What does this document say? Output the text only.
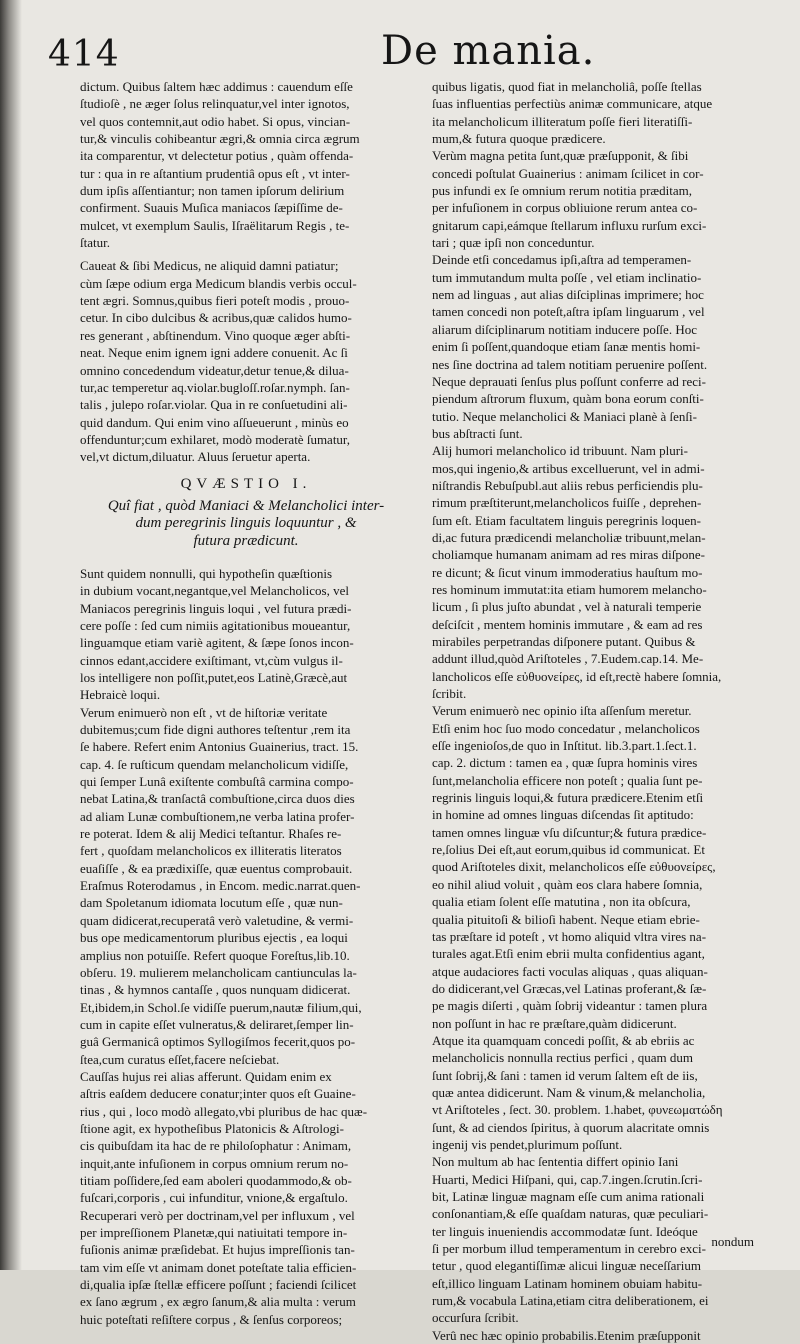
414	De mania.

dictum. Quibus ſaltem hæc addimus : cauendum eſſe
ſtudioſè , ne æger ſolus relinquatur,vel inter ignotos,
vel quos contemnit,aut odio habet. Si opus, vincian-
tur,& vinculis cohibeantur ægri,& omnia circa ægrum
ita comparentur, vt delectetur potius , quàm offenda-
tur : qua in re aſtantium prudentiâ opus eſt , vt inter-
dum ipſis aſſentiantur; non tamen ipſorum delirium
confirment. Suauis Muſica maniacos ſæpiſſime de-
mulcet, vt exemplum Saulis, Iſraëlitarum Regis , te-
ſtatur.

Caueat & ſibi Medicus, ne aliquid damni patiatur;
cùm ſæpe odium erga Medicum blandis verbis occul-
tent ægri. Somnus,quibus fieri poteſt modis , prouo-
cetur. In cibo dulcibus & acribus,quæ calidos humo-
res generant , abſtinendum. Vino quoque æger abſti-
neat. Neque enim ignem igni addere conuenit. Ac ſi
omnino concedendum videatur,detur tenue,& dilua-
tur,ac temperetur aq.violar.bugloſſ.roſar.nymph. ſan-
talis , julepo roſar.violar. Qua in re conſuetudini ali-
quid dandum. Qui enim vino aſſueuerunt , minùs eo
offenduntur;cum exhilaret, modò moderatè ſumatur,
vel,vt dictum,diluatur. Aluus ſeruetur aperta.

QVÆSTIO I.
Quî fiat , quòd Maniaci & Melancholici inter-
dum peregrinis linguis loquuntur , &
futura prædicunt.

Sunt quidem nonnulli, qui hypotheſin quæſtionis
in dubium vocant,negantque,vel Melancholicos, vel
Maniacos peregrinis linguis loqui , vel futura prædi-
cere poſſe : ſed cum nimiis agitationibus moueantur,
linguamque etiam variè agitent, & ſæpe ſonos incon-
cinnos edant,accidere exiſtimant, vt,cùm vulgus il-
los intelligere non poſſit,putet,eos Latinè,Græcè,aut
Hebraicè loqui.

Verum enimuerò non eſt , vt de hiſtoriæ veritate
dubitemus;cum fide digni authores teſtentur ,rem ita
ſe habere. Refert enim Antonius Guainerius, tract. 15.
cap. 4. ſe ruſticum quendam melancholicum vidiſſe,
qui ſemper Lunâ exiſtente combuſtâ carmina compo-
nebat Latina,& tranſactâ combuſtione,circa duos dies
ad aliam Lunæ combuſtionem,ne verba latina profer-
re poterat. Idem & alij Medici teſtantur. Rhaſes re-
fert , quoſdam melancholicos ex illiteratis literatos
euaſiſſe , & ea prædixiſſe, quæ euentus comprobauit.
Eraſmus Roterodamus , in Encom. medic.narrat.quen-
dam Spoletanum idiomata locutum eſſe , quæ nun-
quam didicerat,recuperatâ verò valetudine, & vermi-
bus ope medicamentorum pluribus ejectis , ea loqui
amplius non potuiſſe. Refert quoque Foreſtus,lib.10.
obſeru. 19. mulierem melancholicam cantiunculas la-
tinas , & hymnos cantaſſe , quos nunquam didicerat.
Et,ibidem,in Schol.ſe vidiſſe puerum,nautæ filium,qui,
cum in capite eſſet vulneratus,& deliraret,ſemper lin-
guâ Germanicâ optimos Syllogiſmos fecerit,quos po-
ſtea,cum curatus eſſet,facere neſciebat.

Cauſſas hujus rei alias afferunt. Quidam enim ex
aſtris eaſdem deducere conatur;inter quos eſt Guaine-
rius , qui , loco modò allegato,vbi pluribus de hac quæ-
ſtione agit, ex hypotheſibus Platonicis & Aſtrologi-
cis quibuſdam ita hac de re philoſophatur : Animam,
inquit,ante infuſionem in corpus omnium rerum no-
titiam poſſidere,ſed eam aboleri quodammodo,& ob-
fuſcari,corporis , cui infunditur, vnione,& ergaſtulo.
Recuperari verò per doctrinam,vel per influxum , vel
per impreſſionem Planetæ,qui natiuitati tempore in-
fuſionis animæ præſidebat. Et hujus impreſſionis tan-
tam vim eſſe vt animam donet poteſtate talia efficien-
di,qualia ipſæ ſtellæ efficere poſſunt ; faciendi ſcilicet
ex ſano ægrum , ex ægro ſanum,& alia multa : verum
huic poteſtati reſiſtere corpus , & ſenſus corporeos;

quibus ligatis, quod fiat in melancholiâ, poſſe ſtellas
ſuas influentias perfectiùs animæ communicare, atque
ita melancholicum illiteratum poſſe fieri literatiſſi-
mum,& futura quoque prædicere.

Verùm magna petita ſunt,quæ præſupponit, & ſibi
concedi poſtulat Guainerius : animam ſcilicet in cor-
pus infundi ex ſe omnium rerum notitia præditam,
per infuſionem in corpus obliuione rerum antea co-
gnitarum capi,eámque ſtellarum influxu rurſum exci-
tari ; quæ ipſi non conceduntur.

Deinde etſi concedamus ipſi,aſtra ad temperamen-
tum immutandum multa poſſe , vel etiam inclinatio-
nem ad linguas , aut alias diſciplinas imprimere; hoc
tamen concedi non poteſt,aſtra ipſam linguarum , vel
aliarum diſciplinarum notitiam inducere poſſe. Hoc
enim ſi poſſent,quandoque etiam ſanæ mentis homi-
nes ſine doctrina ad talem notitiam peruenire poſſent.
Neque deprauati ſenſus plus poſſunt conferre ad reci-
piendum aſtrorum fluxum, quàm bona eorum conſti-
tutio. Neque melancholici & Maniaci planè à ſenſi-
bus abſtracti ſunt.

Alij humori melancholico id tribuunt. Nam pluri-
mos,qui ingenio,& artibus excelluerunt, vel in admi-
niſtrandis Rebuſpubl.aut aliis rebus perficiendis plu-
rimum præſtiterunt,melancholicos fuiſſe , deprehen-
ſum eſt. Etiam facultatem linguis peregrinis loquen-
di,ac futura prædicendi melancholiæ tribuunt,melan-
choliamque humanam animam ad res miras diſpone-
re dicunt; & ſicut vinum immoderatius hauſtum mo-
res hominum immutat:ita etiam humorem melancho-
licum , ſi plus juſto abundat , vel à naturali temperie
deſciſcit , mentem hominis immutare , & eam ad res
mirabiles perpetrandas diſponere putant. Quibus &
addunt illud,quòd Ariſtoteles , 7.Eudem.cap.14. Me-
lancholicos eſſe εὐθυονείρες, id eſt,rectè habere ſomnia,
ſcribit.

Verum enimuerò nec opinio iſta aſſenſum meretur.
Etſi enim hoc ſuo modo concedatur , melancholicos
eſſe ingenioſos,de quo in Inſtitut. lib.3.part.1.ſect.1.
cap. 2. dictum : tamen ea , quæ ſupra hominis vires
ſunt,melancholia efficere non poteſt ; qualia ſunt pe-
regrinis linguis loqui,& futura prædicere.Etenim etſi
in homine ad omnes linguas diſcendas ſit aptitudo:
tamen omnes linguæ vſu diſcuntur;& futura prædice-
re,ſolius Dei eſt,aut eorum,quibus id communicat. Et
quod Ariſtoteles dixit, melancholicos eſſe εὐθυονείρες,
eo nihil aliud voluit , quàm eos clara habere ſomnia,
qualia etiam ſolent eſſe matutina , non ita obſcura,
qualia pituitoſi & bilioſi habent. Neque etiam ebrie-
tas præſtare id poteſt , vt homo aliquid vltra vires na-
turales agat.Etſi enim ebrii multa confidentius agant,
atque audaciores facti voculas aliquas , quas aliquan-
do didicerant,vel Græcas,vel Latinas proferant,& ſæ-
pe magis diſerti , quàm ſobrij videantur : tamen plura
non poſſunt in hac re præſtare,quàm didicerunt.

Atque ita quamquam concedi poſſit, & ab ebriis ac
melancholicis nonnulla rectius perfici , quam dum
ſunt ſobrij,& ſani : tamen id verum ſaltem eſt de iis,
quæ antea didicerunt. Nam & vinum,& melancholia,
vt Ariſtoteles , ſect. 30. problem. 1.habet, φυνεωματώδη
ſunt, & ad ciendos ſpiritus, à quorum alacritate omnis
ingenij vis pendet,plurimum poſſunt.

Non multum ab hac ſententia differt opinio Iani
Huarti, Medici Hiſpani, qui, cap.7.ingen.ſcrutin.ſcri-
bit, Latinæ linguæ magnam eſſe cum anima rationali
conſonantiam,& eſſe quaſdam naturas, quæ peculiari-
ter linguis inueniendis accommodatæ ſunt. Ideóque
ſi per morbum illud temperamentum in cerebro exci-
tetur , quod elegantiſſimæ alicui linguæ neceſſarium
eſt,illico linguam Latinam hominem obuiam habitu-
rum,& vocabula Latina,etiam citra deliberationem, ei
occurſura ſcribit.

Verû nec hæc opinio probabilis.Etenim præſupponit

nondum
